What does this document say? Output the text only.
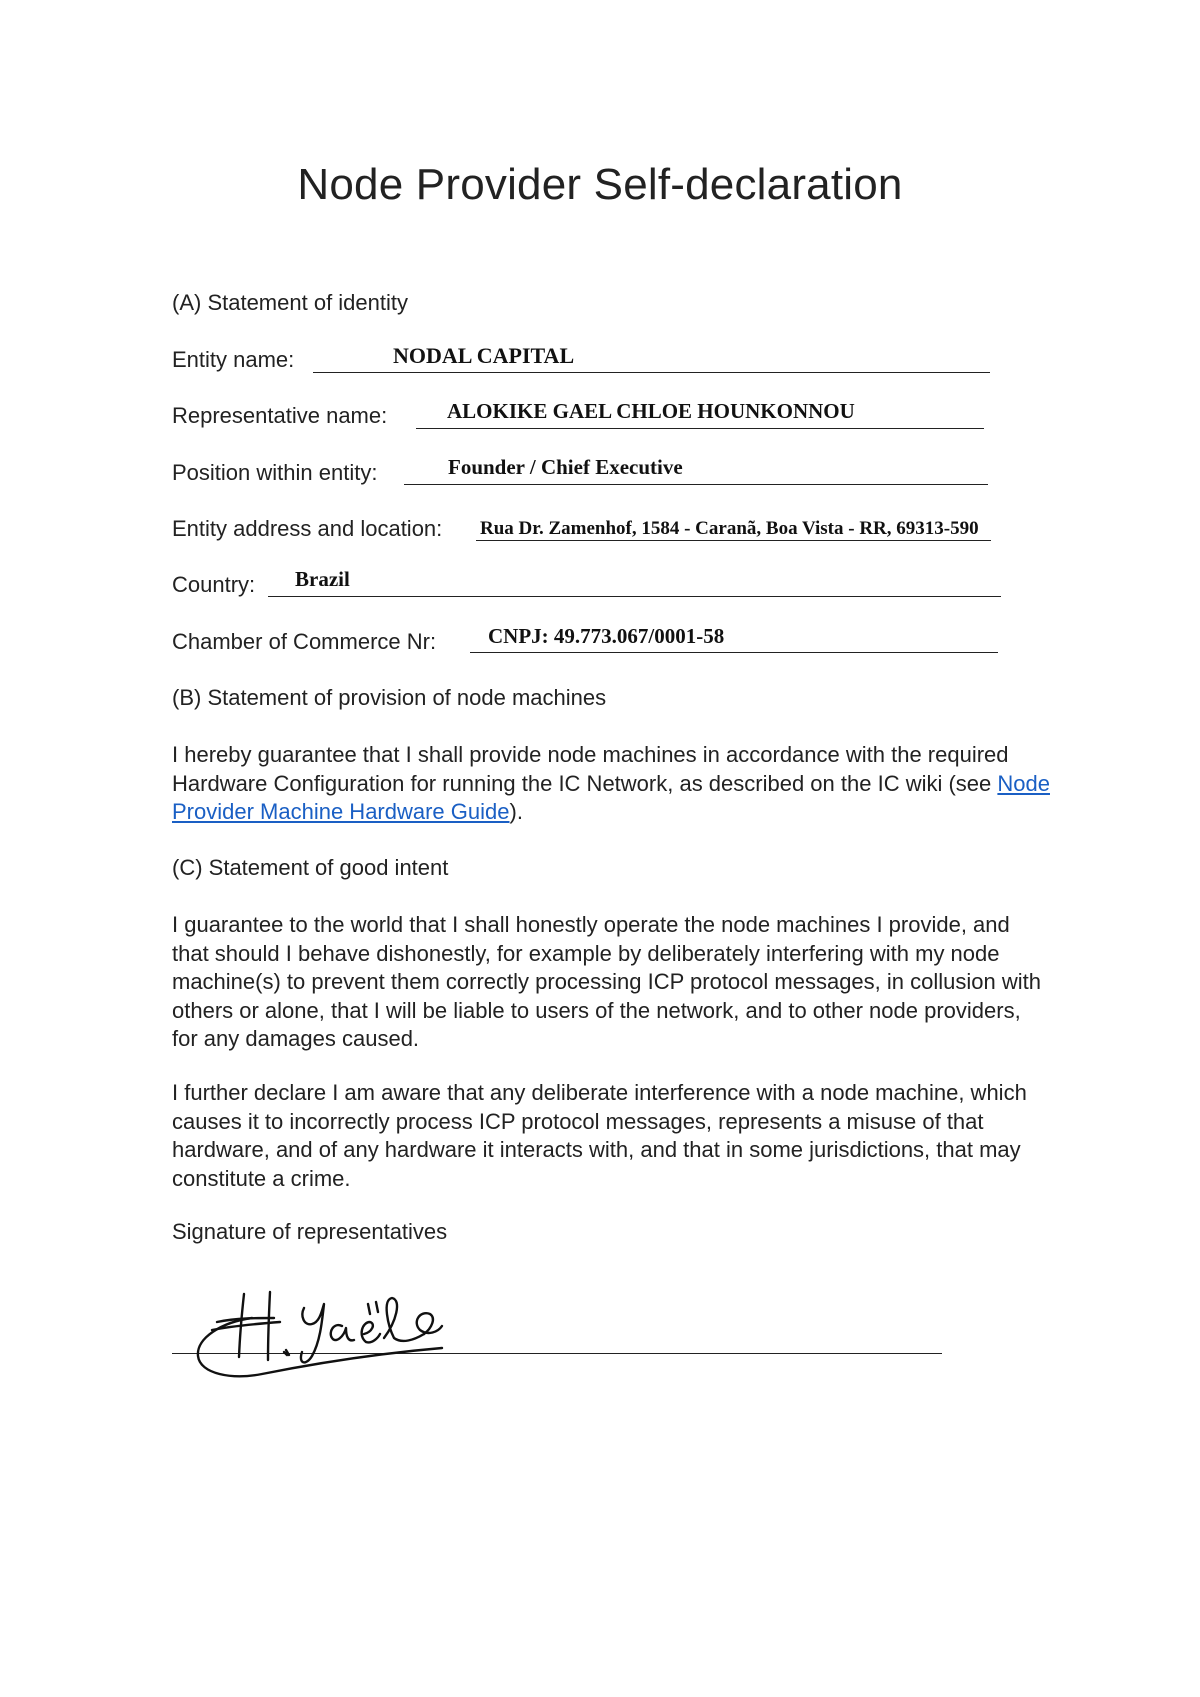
Node Provider Self-declaration
(A) Statement of identity
Entity name:	NODAL CAPITAL
Representative name:	ALOKIKE GAEL CHLOE HOUNKONNOU
Position within entity:	Founder / Chief Executive
Entity address and location: Rua Dr. Zamenhof, 1584 - Caranã, Boa Vista - RR, 69313-590
Country: Brazil
Chamber of Commerce Nr: CNPJ: 49.773.067/0001-58
(B) Statement of provision of node machines
I hereby guarantee that I shall provide node machines in accordance with the required Hardware Configuration for running the IC Network, as described on the IC wiki (see Node Provider Machine Hardware Guide).
(C) Statement of good intent
I guarantee to the world that I shall honestly operate the node machines I provide, and that should I behave dishonestly, for example by deliberately interfering with my node machine(s) to prevent them correctly processing ICP protocol messages, in collusion with others or alone, that I will be liable to users of the network, and to other node providers, for any damages caused.
I further declare I am aware that any deliberate interference with a node machine, which causes it to incorrectly process ICP protocol messages, represents a misuse of that hardware, and of any hardware it interacts with, and that in some jurisdictions, that may constitute a crime.
Signature of representatives
